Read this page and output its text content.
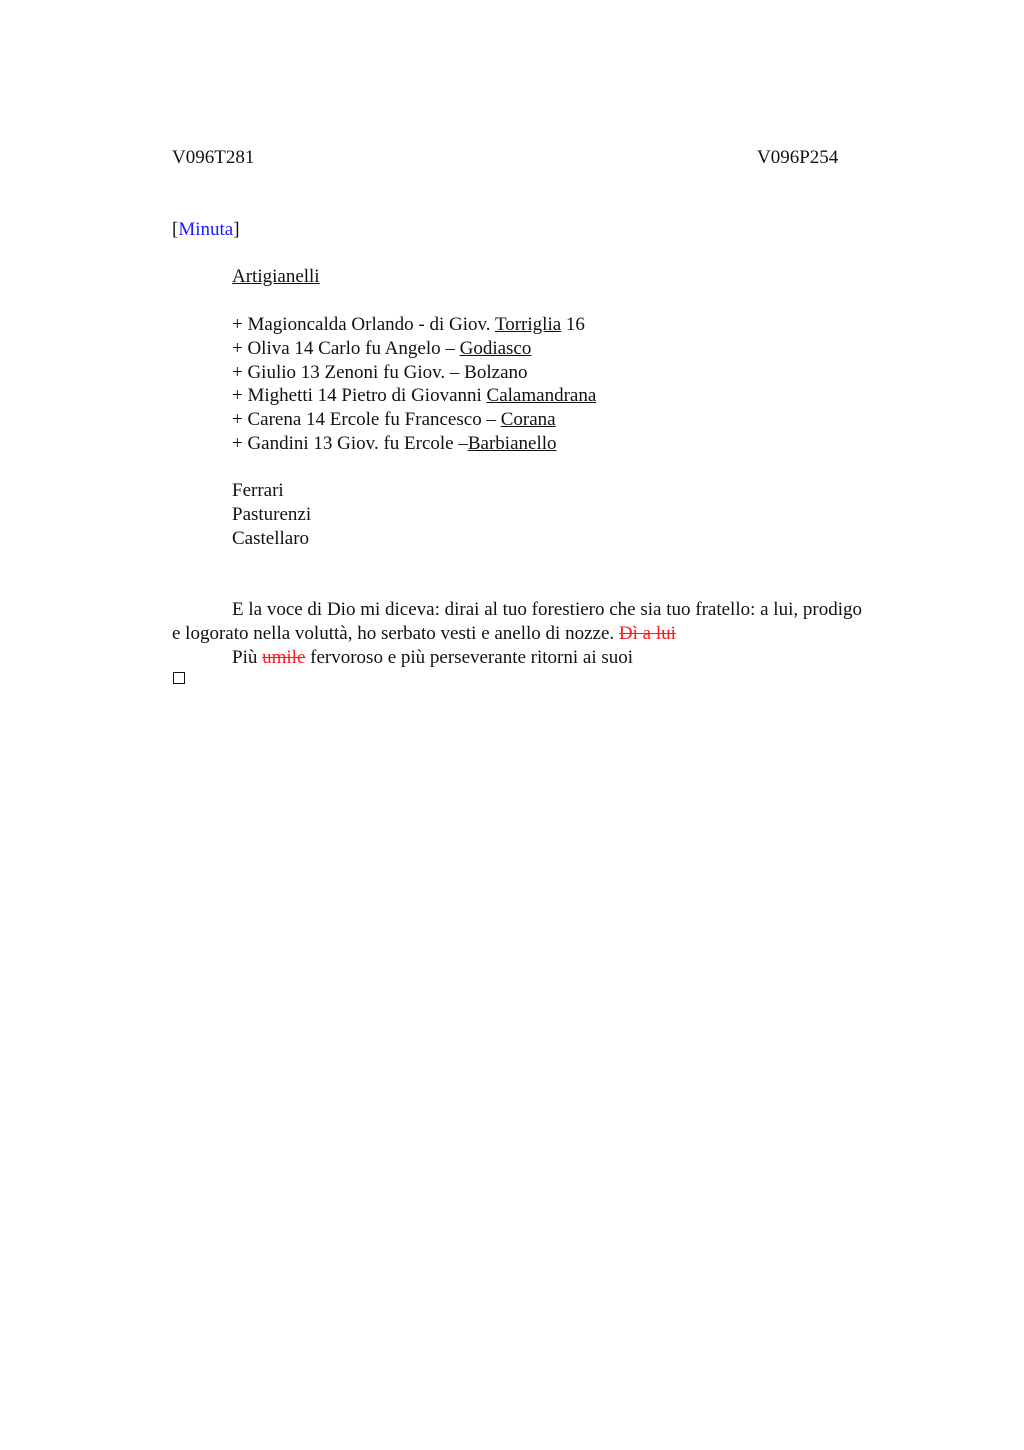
V096T281	V096P254
[Minuta]
Artigianelli
+ Magioncalda Orlando - di Giov. Torriglia 16
+ Oliva 14 Carlo fu Angelo – Godiasco
+ Giulio 13 Zenoni fu Giov. – Bolzano
+ Mighetti 14 Pietro di Giovanni Calamandrana
+ Carena 14 Ercole fu Francesco – Corana
+ Gandini 13 Giov. fu Ercole –Barbianello
Ferrari
Pasturenzi
Castellaro
E la voce di Dio mi diceva: dirai al tuo forestiero che sia tuo fratello: a lui, prodigo
e logorato nella voluttà, ho serbato vesti e anello di nozze. Dì a lui
Più umile fervoroso e più perseverante ritorni ai suoi
